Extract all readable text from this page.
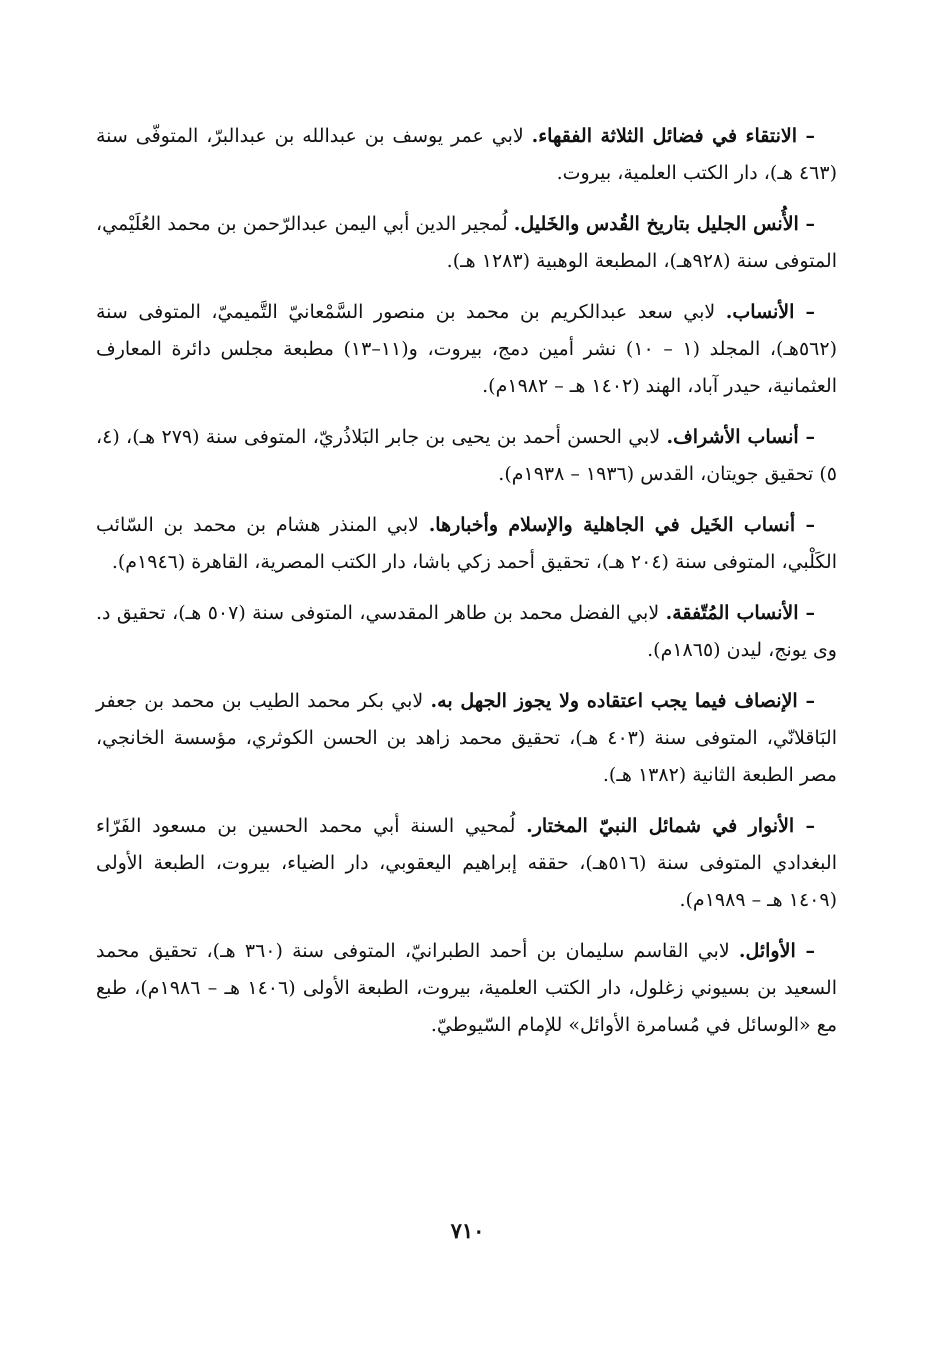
– الانتقاء في فضائل الثلاثة الفقهاء. لابي عمر يوسف بن عبدالله بن عبدالبرّ، المتوفّى سنة (٤٦٣ هـ)، دار الكتب العلمية، بيروت.

– الأُنس الجليل بتاريخ القُدس والخَليل. لُمجير الدين أبي اليمن عبدالرّحمن بن محمد العُلَيْمي، المتوفى سنة (٩٢٨هـ)، المطبعة الوهبية (١٢٨٣ هـ).

– الأنساب. لابي سعد عبدالكريم بن محمد بن منصور السَّمْعانيّ التَّميميّ، المتوفى سنة (٥٦٢هـ)، المجلد (١ – ١٠) نشر أمين دمج، بيروت، و(١١–١٣) مطبعة مجلس دائرة المعارف العثمانية، حيدر آباد، الهند (١٤٠٢ هـ – ١٩٨٢م).

– أنساب الأشراف. لابي الحسن أحمد بن يحيى بن جابر البَلاذُريّ، المتوفى سنة (٢٧٩ هـ)، (٤، ٥) تحقيق جويتان، القدس (١٩٣٦ – ١٩٣٨م).

– أنساب الخَيل في الجاهلية والإسلام وأخبارها. لابي المنذر هشام بن محمد بن السّائب الكَلْبي، المتوفى سنة (٢٠٤ هـ)، تحقيق أحمد زكي باشا، دار الكتب المصرية، القاهرة (١٩٤٦م).

– الأنساب المُتّفقة. لابي الفضل محمد بن طاهر المقدسي، المتوفى سنة (٥٠٧ هـ)، تحقيق د. وى يونج، ليدن (١٨٦٥م).

– الإنصاف فيما يجب اعتقاده ولا يجوز الجهل به. لابي بكر محمد الطيب بن محمد بن جعفر البَاقلانّي، المتوفى سنة (٤٠٣ هـ)، تحقيق محمد زاهد بن الحسن الكوثري، مؤسسة الخانجي، مصر الطبعة الثانية (١٣٨٢ هـ).

– الأنوار في شمائل النبيّ المختار. لُمحيي السنة أبي محمد الحسين بن مسعود الفَرّاء البغدادي المتوفى سنة (٥١٦هـ)، حققه إبراهيم اليعقوبي، دار الضياء، بيروت، الطبعة الأولى (١٤٠٩ هـ – ١٩٨٩م).

– الأوائل. لابي القاسم سليمان بن أحمد الطبرانيّ، المتوفى سنة (٣٦٠ هـ)، تحقيق محمد السعيد بن بسيوني زغلول، دار الكتب العلمية، بيروت، الطبعة الأولى (١٤٠٦ هـ – ١٩٨٦م)، طبع مع «الوسائل في مُسامرة الأوائل» للإمام السّيوطيّ.

٧١٠
